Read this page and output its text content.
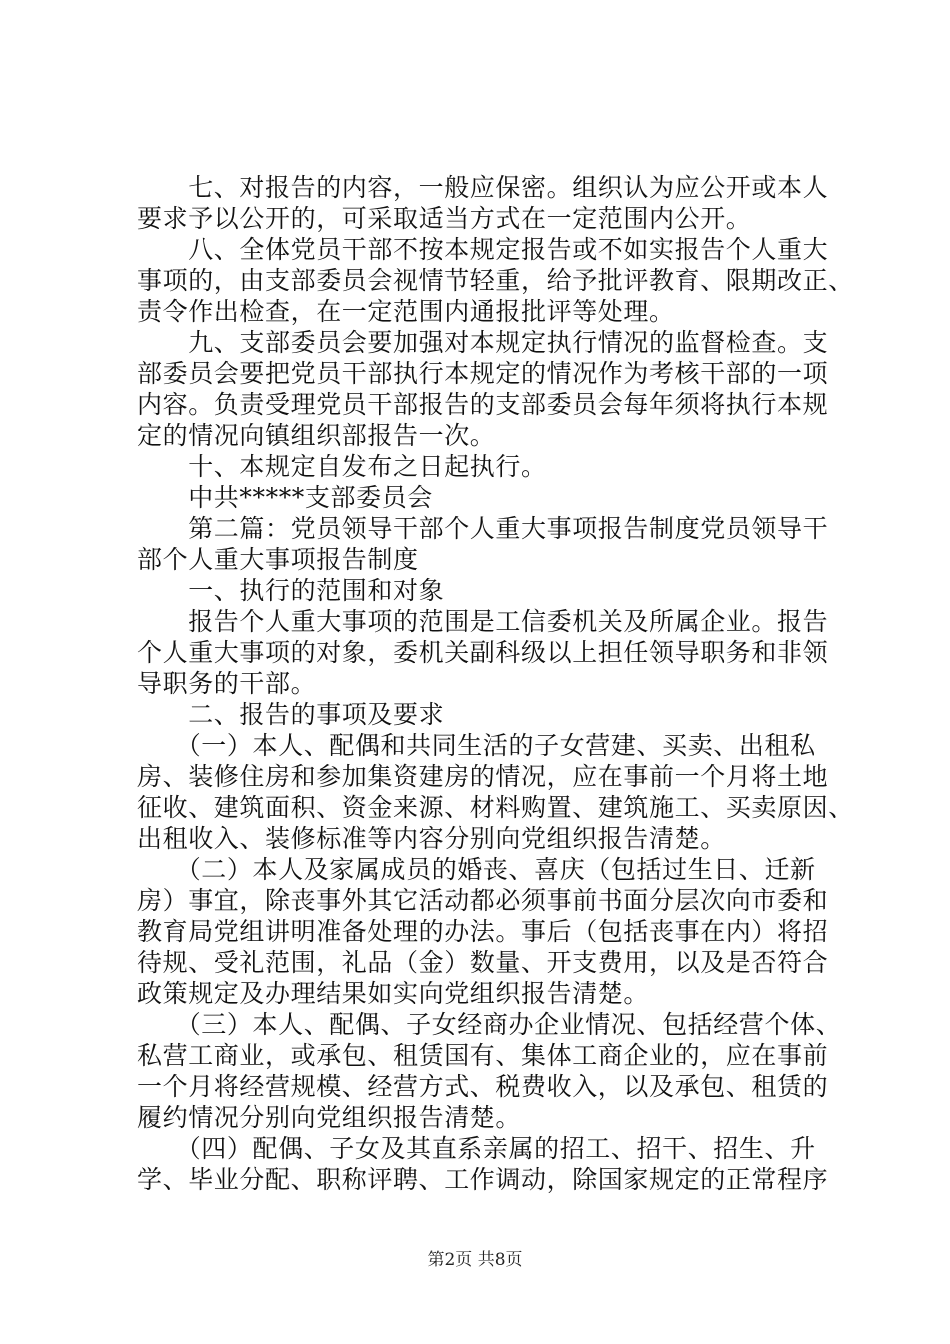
　　七、对报告的内容，一般应保密。组织认为应公开或本人
要求予以公开的，可采取适当方式在一定范围内公开。
　　八、全体党员干部不按本规定报告或不如实报告个人重大
事项的，由支部委员会视情节轻重，给予批评教育、限期改正、
责令作出检查，在一定范围内通报批评等处理。
　　九、支部委员会要加强对本规定执行情况的监督检查。支
部委员会要把党员干部执行本规定的情况作为考核干部的一项
内容。负责受理党员干部报告的支部委员会每年须将执行本规
定的情况向镇组织部报告一次。
　　十、本规定自发布之日起执行。
　　中共*****支部委员会
　　第二篇：党员领导干部个人重大事项报告制度党员领导干
部个人重大事项报告制度
　　一、执行的范围和对象
　　报告个人重大事项的范围是工信委机关及所属企业。报告
个人重大事项的对象，委机关副科级以上担任领导职务和非领
导职务的干部。
　　二、报告的事项及要求
　　（一）本人、配偶和共同生活的子女营建、买卖、出租私
房、装修住房和参加集资建房的情况，应在事前一个月将土地
征收、建筑面积、资金来源、材料购置、建筑施工、买卖原因、
出租收入、装修标准等内容分别向党组织报告清楚。
　　（二）本人及家属成员的婚丧、喜庆（包括过生日、迁新
房）事宜，除丧事外其它活动都必须事前书面分层次向市委和
教育局党组讲明准备处理的办法。事后（包括丧事在内）将招
待规、受礼范围，礼品（金）数量、开支费用，以及是否符合
政策规定及办理结果如实向党组织报告清楚。
　　（三）本人、配偶、子女经商办企业情况、包括经营个体、
私营工商业，或承包、租赁国有、集体工商企业的，应在事前
一个月将经营规模、经营方式、税费收入，以及承包、租赁的
履约情况分别向党组织报告清楚。
　　（四）配偶、子女及其直系亲属的招工、招干、招生、升
学、毕业分配、职称评聘、工作调动，除国家规定的正常程序
第2页 共8页
